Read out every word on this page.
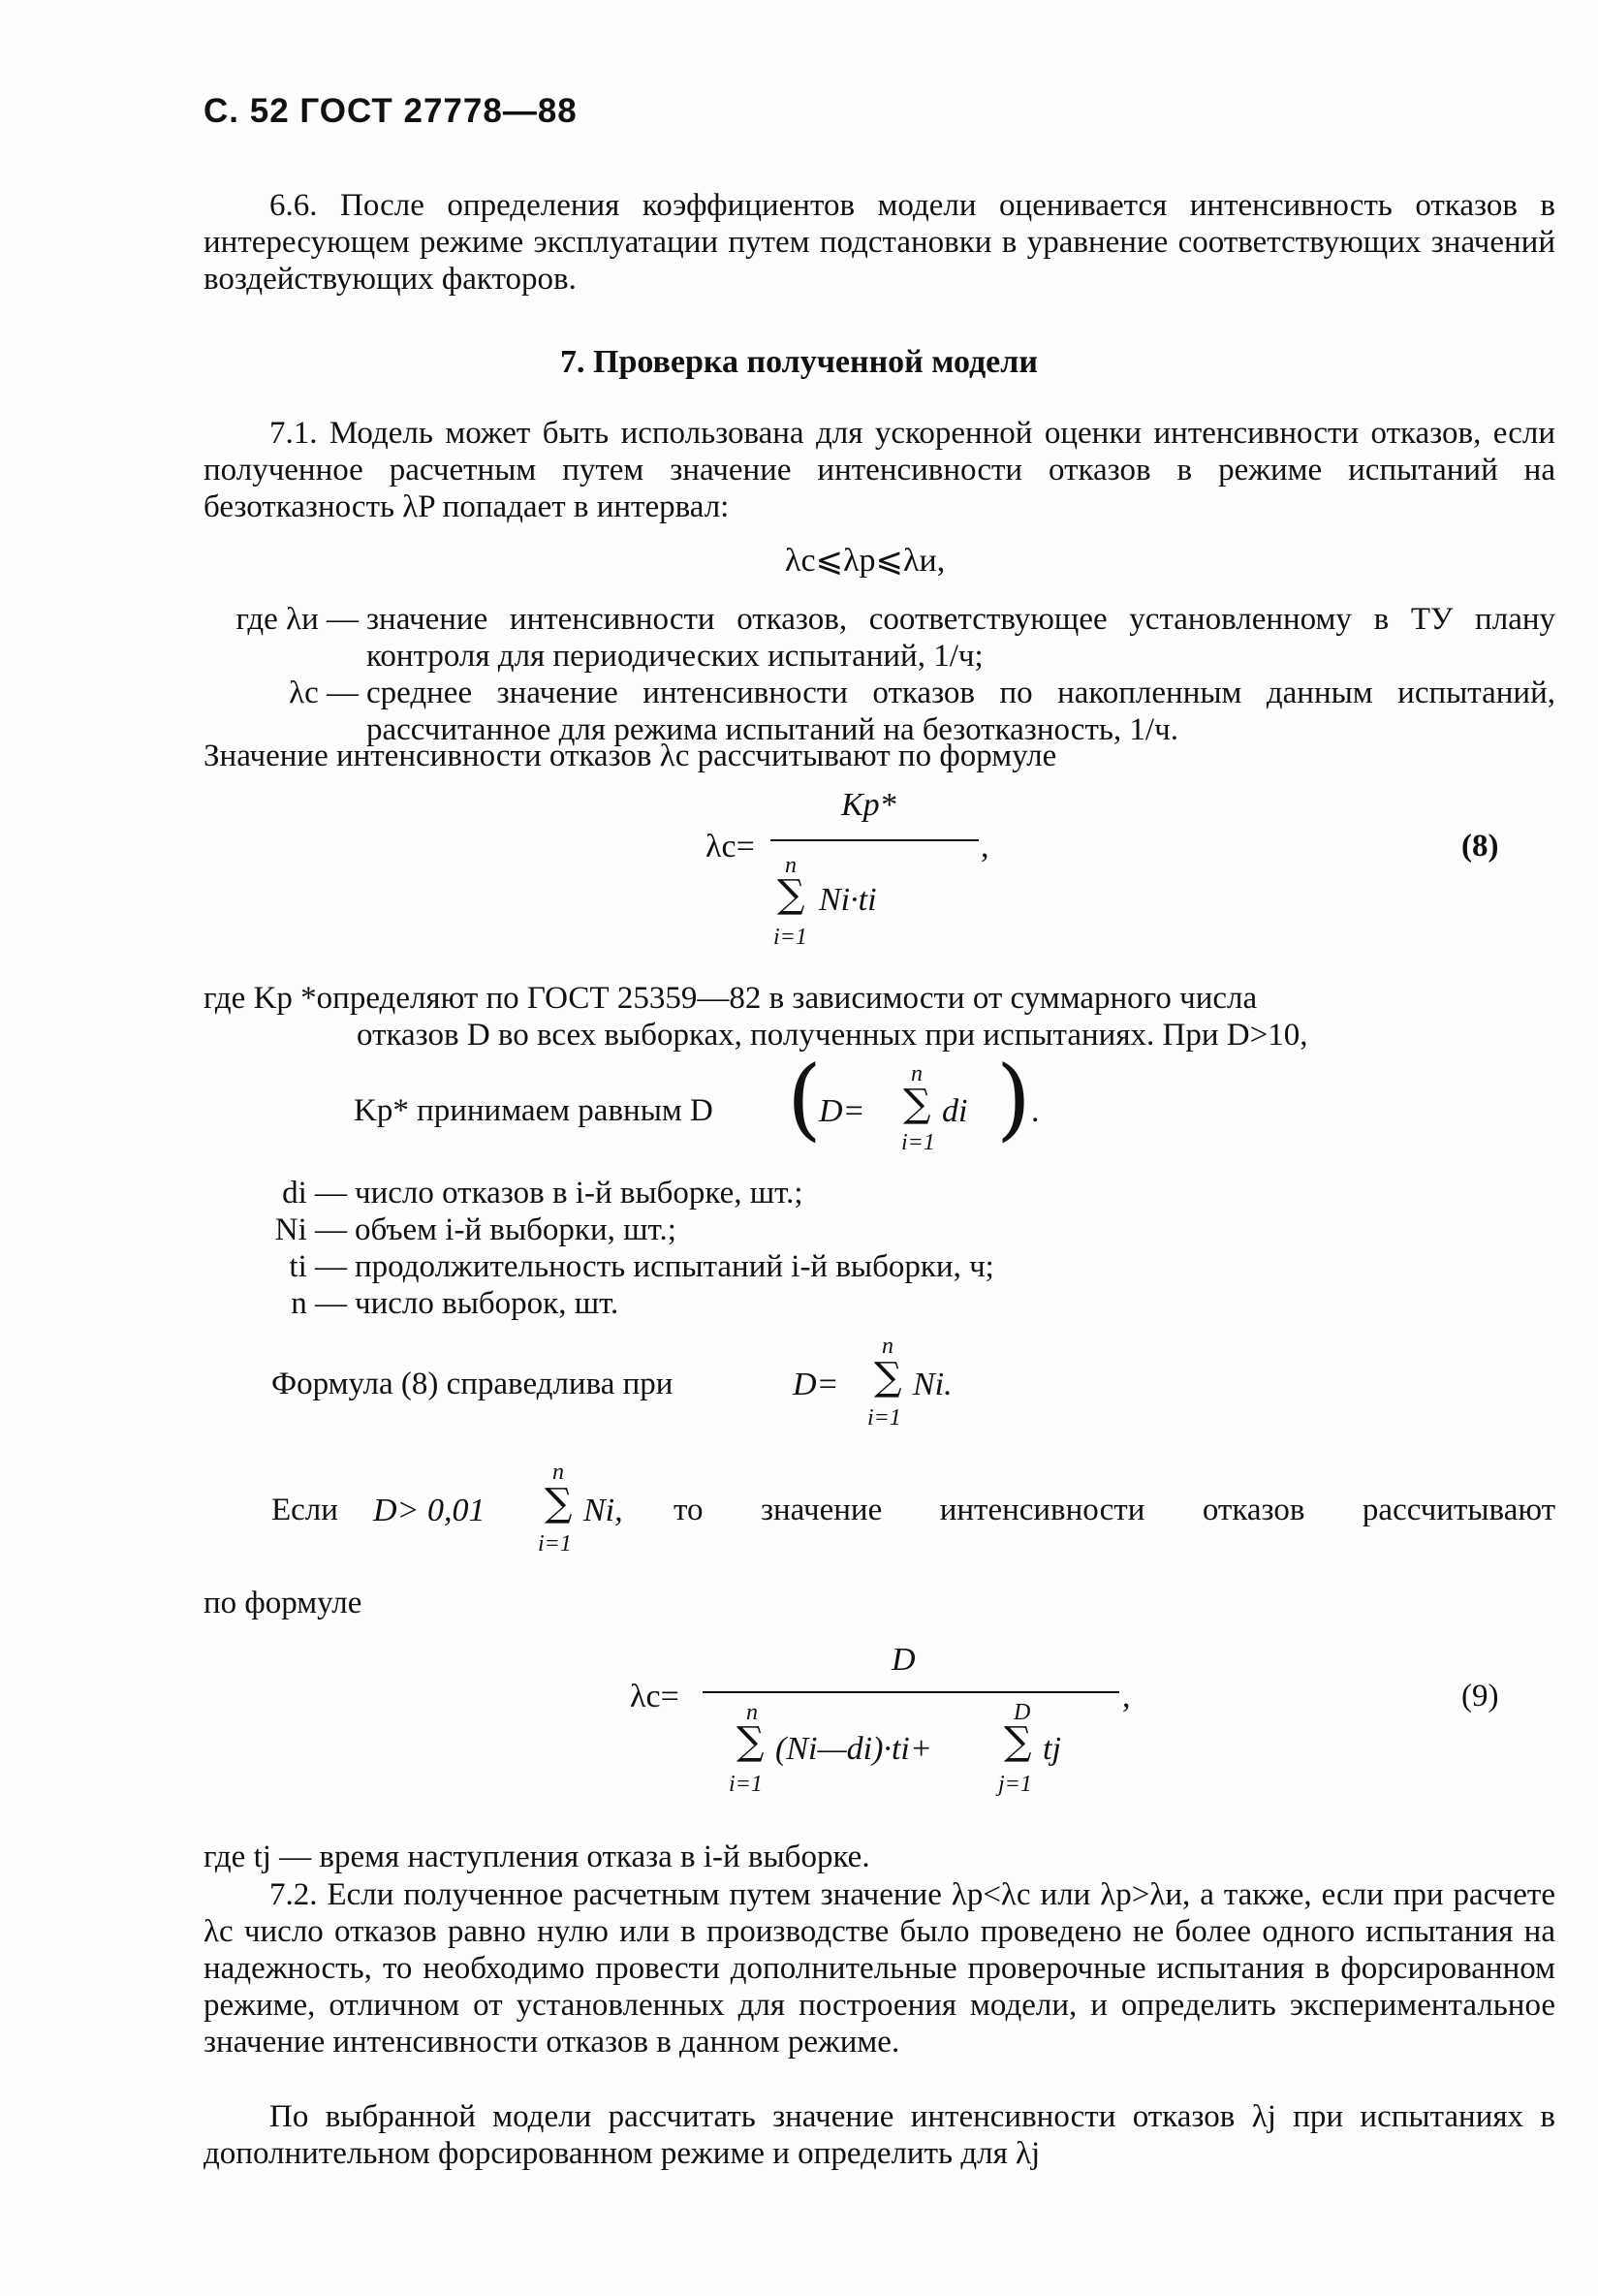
С. 52 ГОСТ 27778—88
6.6. После определения коэффициентов модели оценивается интенсивность отказов в интересующем режиме эксплуатации путем подстановки в уравнение соответствующих значений воздействующих факторов.
7. Проверка полученной модели
7.1. Модель может быть использована для ускоренной оценки интенсивности отказов, если полученное расчетным путем значение интенсивности отказов в режиме испытаний на безотказность λP попадает в интервал:
λc⩽λp⩽λи,
где λи — значение интенсивности отказов, соответствующее установленному в ТУ плану контроля для периодических испытаний, 1/ч;
λc — среднее значение интенсивности отказов по накопленным данным испытаний, рассчитанное для режима испытаний на безотказность, 1/ч.
Значение интенсивности отказов λc рассчитывают по формуле
λc=
Kp*
,
n
∑ Ni·ti
i=1
(8)
где Kp *определяют по ГОСТ 25359—82 в зависимости от суммарного числа
отказов D во всех выборках, полученных при испытаниях. При D>10,
Kp* принимаем равным D (
D=
n
∑ di
i=1 ) .
di — число отказов в i-й выборке, шт.;
Ni — объем i-й выборки, шт.;
ti — продолжительность испытаний i-й выборки, ч;
n — число выборок, шт.
Формула (8) справедлива при	D=
n
∑ Ni.
i=1
Если D> 0,01
n
∑ Ni,
i=1
то значение интенсивности отказов рассчитывают
по формуле
λc=
D
,
n
∑ (Ni—di)·ti+
i=1
D
∑ tj
j=1
(9)
где tj — время наступления отказа в i-й выборке.
7.2. Если полученное расчетным путем значение λp<λc или λp>λи, а также, если при расчете λc число отказов равно нулю или в производстве было проведено не более одного испытания на надежность, то необходимо провести дополнительные проверочные испытания в форсированном режиме, отличном от установленных для построения модели, и определить экспериментальное значение интенсивности отказов в данном режиме.
По выбранной модели рассчитать значение интенсивности отказов λj при испытаниях в дополнительном форсированном режиме и определить для λj
